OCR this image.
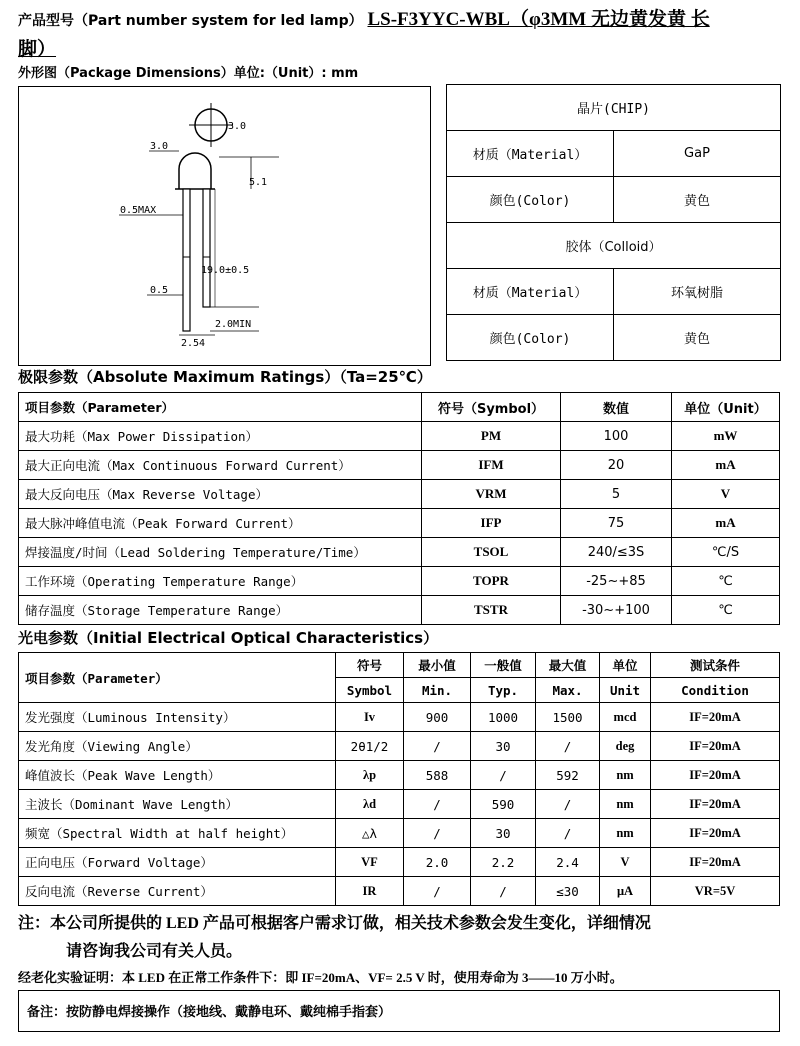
产品型号（Part number system for led lamp） LS-F3YYC-WBL（φ3MM 无边黄发黄 长
脚）
外形图（Package Dimensions）单位:（Unit）: mm
3.0
3.0
5.1
0.5MAX
19.0±0.5
0.5
2.0MIN
2.54
晶片(CHIP)	
材质（Material）	GaP
颜色(Color)	黄色
胶体（Colloid）	
材质（Material）	环氧树脂
颜色(Color)	黄色
极限参数（Absolute Maximum Ratings）（Ta=25℃）
项目参数（Parameter）	符号（Symbol）	数值	单位（Unit）
最大功耗（Max Power Dissipation）	PM	100	mW
最大正向电流（Max Continuous Forward Current）	IFM	20	mA
最大反向电压（Max Reverse Voltage）	VRM	5	V
最大脉冲峰值电流（Peak Forward Current）	IFP	75	mA
焊接温度/时间（Lead Soldering Temperature/Time）	TSOL	240/≤3S	℃/S
工作环境（Operating Temperature Range）	TOPR	-25~+85	℃
储存温度（Storage Temperature Range）	TSTR	-30~+100	℃
光电参数（Initial Electrical Optical Characteristics）
项目参数（Parameter）	符号	最小值	一般值	最大值	单位	测试条件
	Symbol	Min.	Typ.	Max.	Unit	Condition
发光强度（Luminous Intensity）	Iv	900	1000	1500	mcd	IF=20mA
发光角度（Viewing Angle）	2θ1/2	/	30	/	deg	IF=20mA
峰值波长（Peak Wave Length）	λp	588	/	592	nm	IF=20mA
主波长（Dominant Wave Length）	λd	/	590	/	nm	IF=20mA
频宽（Spectral Width at half height）	△λ	/	30	/	nm	IF=20mA
正向电压（Forward Voltage）	VF	2.0	2.2	2.4	V	IF=20mA
反向电流（Reverse Current）	IR	/	/	≤30	μA	VR=5V
注：本公司所提供的 LED 产品可根据客户需求订做，相关技术参数会发生变化，详细情况
请咨询我公司有关人员。
经老化实验证明：本 LED 在正常工作条件下：即 IF=20mA、VF= 2.5 V 时，使用寿命为 3——10 万小时。
备注：按防静电焊接操作（接地线、戴静电环、戴纯棉手指套）
